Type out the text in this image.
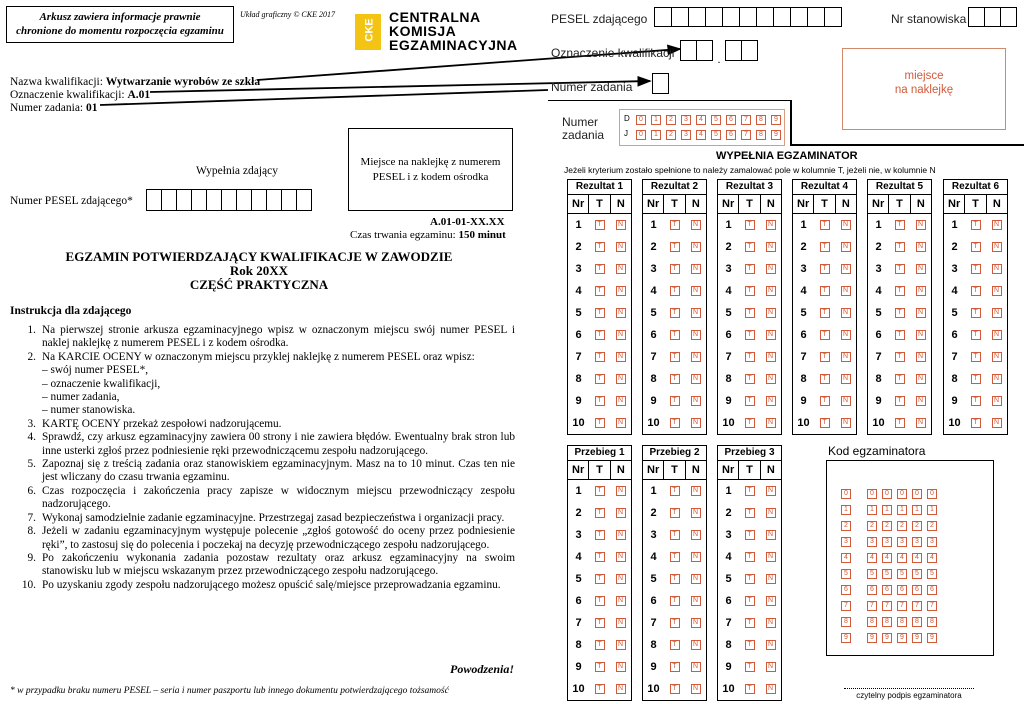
Arkusz zawiera informacje prawnie
chronione do momentu rozpoczęcia egzaminu
Układ graficzny © CKE 2017
CKE
CENTRALNA
KOMISJA
EGZAMINACYJNA
Nazwa kwalifikacji: Wytwarzanie wyrobów ze szkła
Oznaczenie kwalifikacji: A.01
Numer zadania: 01
Miejsce na naklejkę z numerem
PESEL i z kodem ośrodka
Wypełnia zdający
Numer PESEL zdającego*
A.01-01-XX.XX
Czas trwania egzaminu: 150 minut
EGZAMIN POTWIERDZAJĄCY KWALIFIKACJE W ZAWODZIE
Rok 20XX
CZĘŚĆ PRAKTYCZNA
Instrukcja dla zdającego
1. Na pierwszej stronie arkusza egzaminacyjnego wpisz w oznaczonym miejscu swój numer PESEL i naklej naklejkę z numerem PESEL i z kodem ośrodka.
2. Na KARCIE OCENY w oznaczonym miejscu przyklej naklejkę z numerem PESEL oraz wpisz:
– swój numer PESEL*,
– oznaczenie kwalifikacji,
– numer zadania,
– numer stanowiska.
3. KARTĘ OCENY przekaż zespołowi nadzorującemu.
4. Sprawdź, czy arkusz egzaminacyjny zawiera 00 strony i nie zawiera błędów. Ewentualny brak stron lub inne usterki zgłoś przez podniesienie ręki przewodniczącemu zespołu nadzorującego.
5. Zapoznaj się z treścią zadania oraz stanowiskiem egzaminacyjnym. Masz na to 10 minut. Czas ten nie jest wliczany do czasu trwania egzaminu.
6. Czas rozpoczęcia i zakończenia pracy zapisze w widocznym miejscu przewodniczący zespołu nadzorującego.
7. Wykonaj samodzielnie zadanie egzaminacyjne. Przestrzegaj zasad bezpieczeństwa i organizacji pracy.
8. Jeżeli w zadaniu egzaminacyjnym występuje polecenie „zgłoś gotowość do oceny przez podniesienie ręki”, to zastosuj się do polecenia i poczekaj na decyzję przewodniczącego zespołu nadzorującego.
9. Po zakończeniu wykonania zadania pozostaw rezultaty oraz arkusz egzaminacyjny na swoim stanowisku lub w miejscu wskazanym przez przewodniczącego zespołu nadzorującego.
10. Po uzyskaniu zgody zespołu nadzorującego możesz opuścić salę/miejsce przeprowadzania egzaminu.
Powodzenia!
* w przypadku braku numeru PESEL – seria i numer paszportu lub innego dokumentu potwierdzającego tożsamość
PESEL zdającego	Nr stanowiska
Oznaczenie kwalifikacji	.
Numer zadania
miejsce
na naklejkę
Numer
zadania
D	0	1	2	3	4	5	6	7	8	9
J	0	1	2	3	4	5	6	7	8	9
WYPEŁNIA EGZAMINATOR
Jeżeli kryterium zostało spełnione to należy zamalować pole w kolumnie T, jeżeli nie, w kolumnie N
Rezultat 1
Nr	T	N
1	T	N
2	T	N
3	T	N
4	T	N
5	T	N
6	T	N
7	T	N
8	T	N
9	T	N
10	T	N
Rezultat 2
Nr	T	N
1	T	N
2	T	N
3	T	N
4	T	N
5	T	N
6	T	N
7	T	N
8	T	N
9	T	N
10	T	N
Rezultat 3
Nr	T	N
1	T	N
2	T	N
3	T	N
4	T	N
5	T	N
6	T	N
7	T	N
8	T	N
9	T	N
10	T	N
Rezultat 4
Nr	T	N
1	T	N
2	T	N
3	T	N
4	T	N
5	T	N
6	T	N
7	T	N
8	T	N
9	T	N
10	T	N
Rezultat 5
Nr	T	N
1	T	N
2	T	N
3	T	N
4	T	N
5	T	N
6	T	N
7	T	N
8	T	N
9	T	N
10	T	N
Rezultat 6
Nr	T	N
1	T	N
2	T	N
3	T	N
4	T	N
5	T	N
6	T	N
7	T	N
8	T	N
9	T	N
10	T	N
Przebieg 1
Nr	T	N
1	T	N
2	T	N
3	T	N
4	T	N
5	T	N
6	T	N
7	T	N
8	T	N
9	T	N
10	T	N
Przebieg 2
Nr	T	N
1	T	N
2	T	N
3	T	N
4	T	N
5	T	N
6	T	N
7	T	N
8	T	N
9	T	N
10	T	N
Przebieg 3
Nr	T	N
1	T	N
2	T	N
3	T	N
4	T	N
5	T	N
6	T	N
7	T	N
8	T	N
9	T	N
10	T	N
Kod egzaminatora
0	0	0	0	0	0
1	1	1	1	1	1
2	2	2	2	2	2
3	3	3	3	3	3
4	4	4	4	4	4
5	5	5	5	5	5
6	6	6	6	6	6
7	7	7	7	7	7
8	8	8	8	8	8
9	9	9	9	9	9
czytelny podpis egzaminatora
